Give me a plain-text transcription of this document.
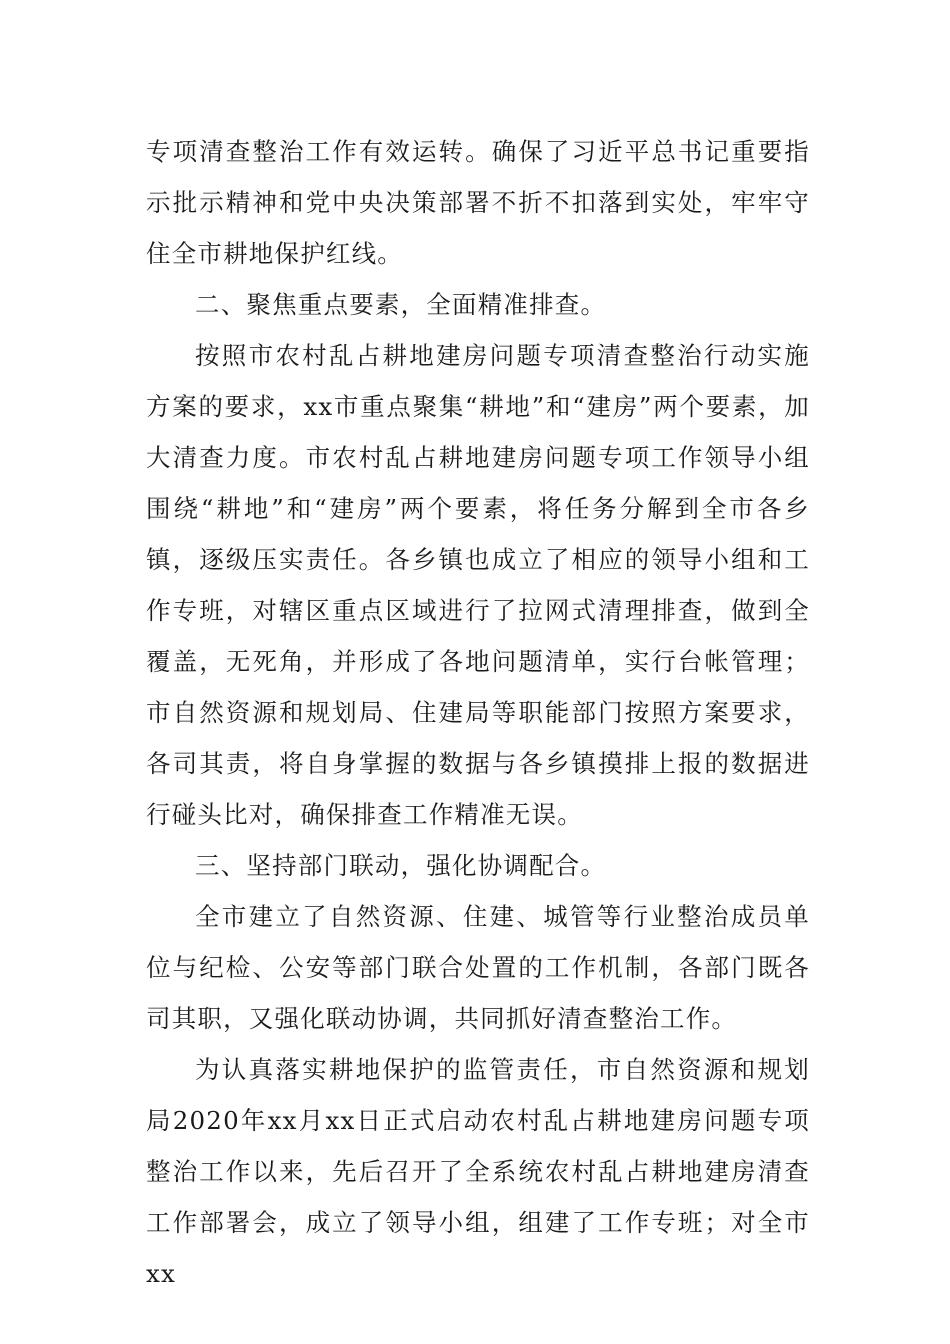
专项清查整治工作有效运转。确保了习近平总书记重要指示批示精神和党中央决策部署不折不扣落到实处，牢牢守住全市耕地保护红线。

二、聚焦重点要素，全面精准排查。

按照市农村乱占耕地建房问题专项清查整治行动实施方案的要求，xx市重点聚集“耕地”和“建房”两个要素，加大清查力度。市农村乱占耕地建房问题专项工作领导小组围绕“耕地”和“建房”两个要素，将任务分解到全市各乡镇，逐级压实责任。各乡镇也成立了相应的领导小组和工作专班，对辖区重点区域进行了拉网式清理排查，做到全覆盖，无死角，并形成了各地问题清单，实行台帐管理；市自然资源和规划局、住建局等职能部门按照方案要求，各司其责，将自身掌握的数据与各乡镇摸排上报的数据进行碰头比对，确保排查工作精准无误。

三、坚持部门联动，强化协调配合。

全市建立了自然资源、住建、城管等行业整治成员单位与纪检、公安等部门联合处置的工作机制，各部门既各司其职，又强化联动协调，共同抓好清查整治工作。

为认真落实耕地保护的监管责任，市自然资源和规划局2020年xx月xx日正式启动农村乱占耕地建房问题专项整治工作以来，先后召开了全系统农村乱占耕地建房清查工作部署会，成立了领导小组，组建了工作专班；对全市xx
